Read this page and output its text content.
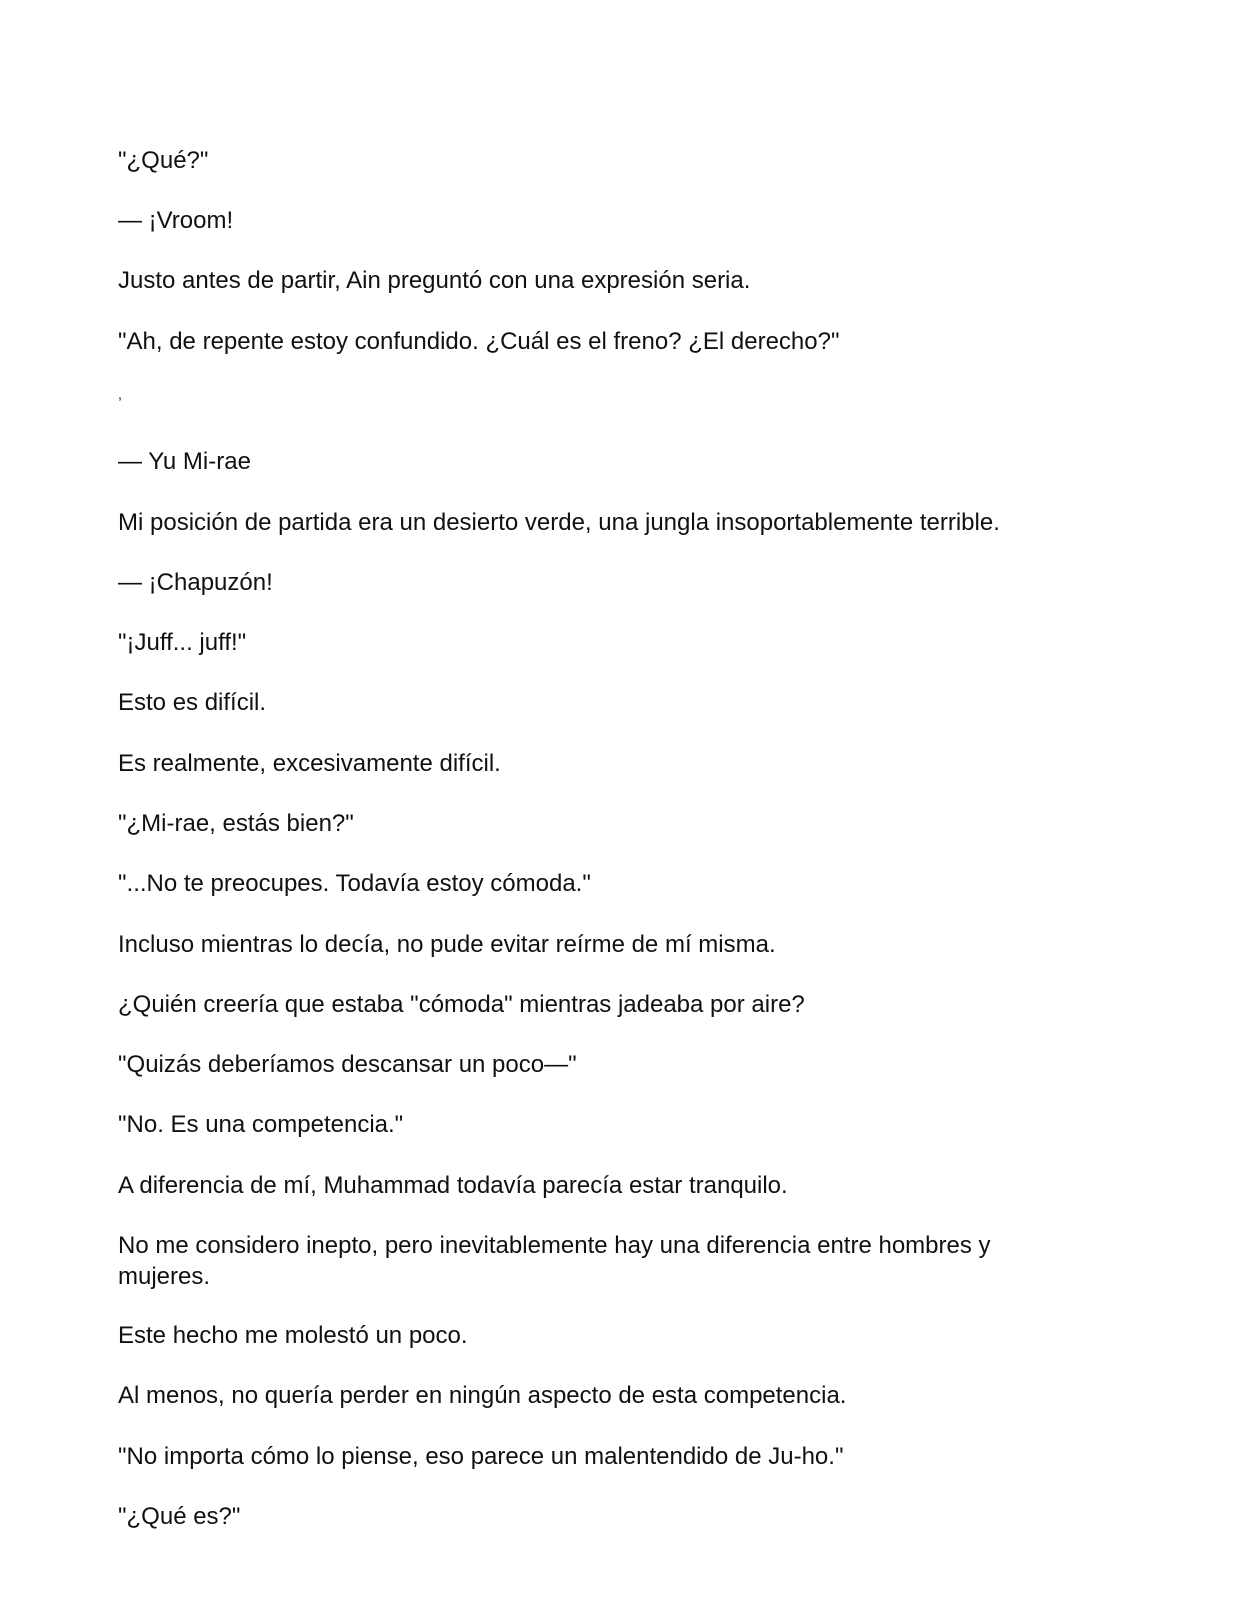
"¿Qué?"

— ¡Vroom!

Justo antes de partir, Ain preguntó con una expresión seria.

"Ah, de repente estoy confundido. ¿Cuál es el freno? ¿El derecho?"

,

— Yu Mi-rae

Mi posición de partida era un desierto verde, una jungla insoportablemente terrible.

— ¡Chapuzón!

"¡Juff... juff!"

Esto es difícil.

Es realmente, excesivamente difícil.

"¿Mi-rae, estás bien?"

"...No te preocupes. Todavía estoy cómoda."

Incluso mientras lo decía, no pude evitar reírme de mí misma.

¿Quién creería que estaba "cómoda" mientras jadeaba por aire?

"Quizás deberíamos descansar un poco—"

"No. Es una competencia."

A diferencia de mí, Muhammad todavía parecía estar tranquilo.

No me considero inepto, pero inevitablemente hay una diferencia entre hombres y mujeres.

Este hecho me molestó un poco.

Al menos, no quería perder en ningún aspecto de esta competencia.

"No importa cómo lo piense, eso parece un malentendido de Ju-ho."

"¿Qué es?"
